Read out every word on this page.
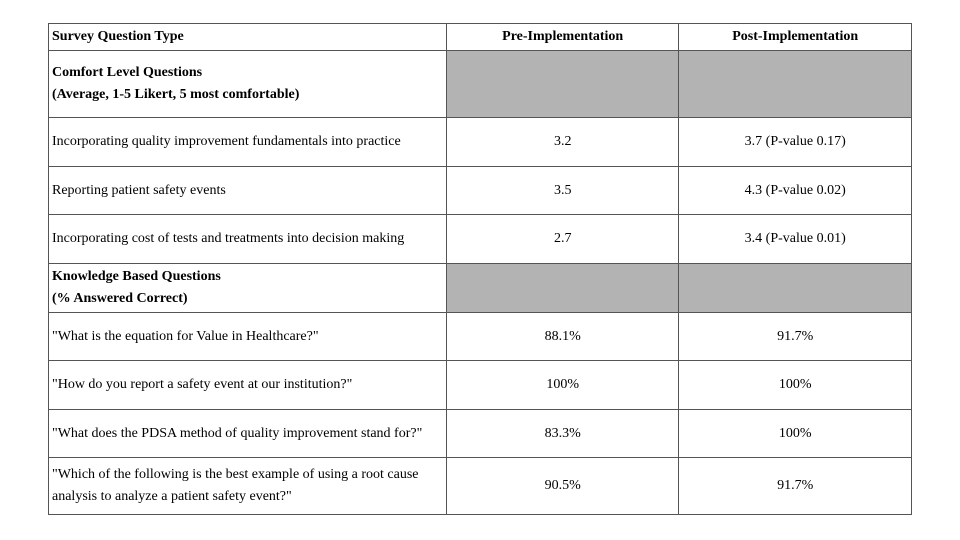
Survey Question Type	Pre-Implementation	Post-Implementation

Comfort Level Questions
(Average, 1-5 Likert, 5 most comfortable)		

Incorporating quality improvement fundamentals into practice	3.2	3.7 (P-value 0.17)
Reporting patient safety events	3.5	4.3 (P-value 0.02)
Incorporating cost of tests and treatments into decision making	2.7	3.4 (P-value 0.01)

Knowledge Based Questions
(% Answered Correct)		

"What is the equation for Value in Healthcare?"	88.1%	91.7%
"How do you report a safety event at our institution?"	100%	100%
"What does the PDSA method of quality improvement stand for?"	83.3%	100%
"Which of the following is the best example of using a root cause analysis to analyze a patient safety event?"	90.5%	91.7%
